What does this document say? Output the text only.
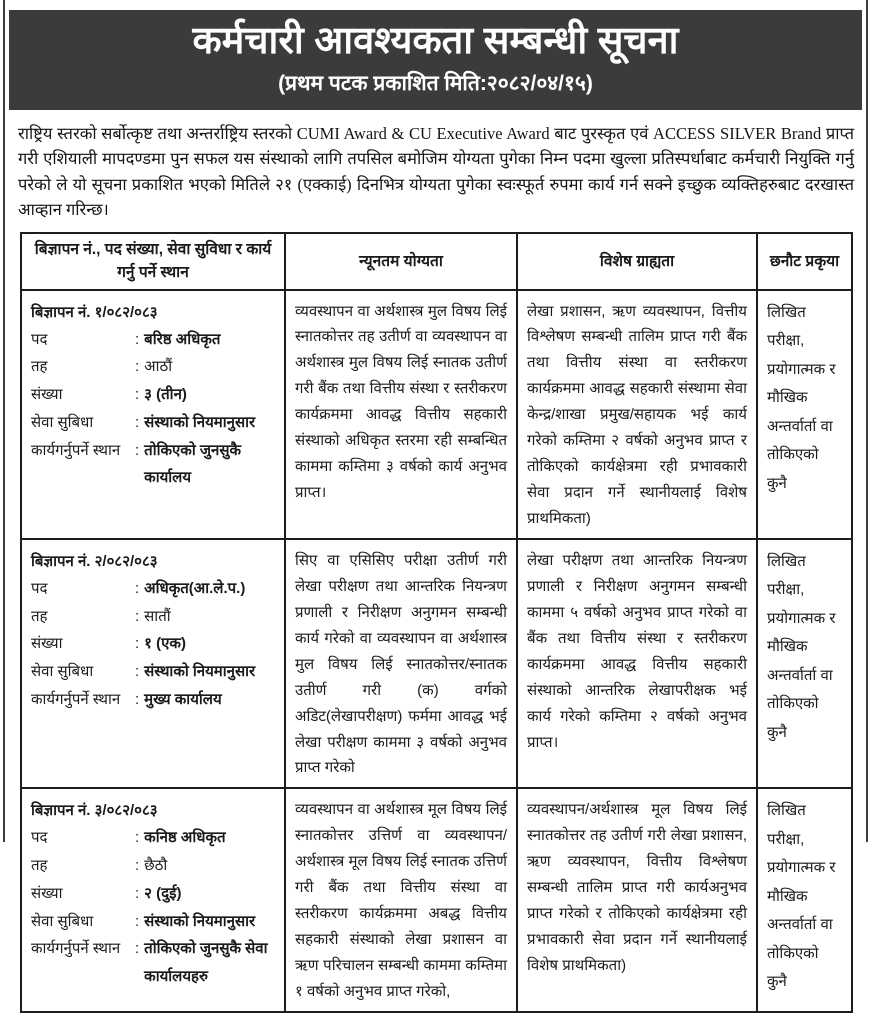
कर्मचारी आवश्यकता सम्बन्धी सूचना
(प्रथम पटक प्रकाशित मिति:२०८२/०४/१५)
राष्ट्रिय स्तरको सर्बोत्कृष्ट तथा अन्तर्राष्ट्रिय स्तरको CUMI Award & CU Executive Award बाट पुरस्कृत एवं ACCESS SILVER Brand प्राप्त गरी एशियाली मापदण्डमा पुन सफल यस संस्थाको लागि तपसिल बमोजिम योग्यता पुगेका निम्न पदमा खुल्ला प्रतिस्पर्धाबाट कर्मचारी नियुक्ति गर्नु परेको ले यो सूचना प्रकाशित भएको मितिले २१ (एक्काई) दिनभित्र योग्यता पुगेका स्वःस्फूर्त रुपमा कार्य गर्न सक्ने इच्छुक व्यक्तिहरुबाट दरखास्त आव्हान गरिन्छ।
बिज्ञापन नं., पद संख्या, सेवा सुविधा र कार्य गर्नु पर्ने स्थान	न्यूनतम योग्यता	विशेष ग्राह्यता	छनौट प्रकृया

बिज्ञापन नं. १/०८२/०८३
पद	: बरिष्ठ अधिकृत
तह	: आठौं
संख्या	: ३ (तीन)
सेवा सुबिधा	: संस्थाको नियमानुसार
कार्यगर्नुपर्ने स्थान : तोकिएको जुनसुकै कार्यालय
	व्यवस्थापन वा अर्थशास्त्र मुल विषय लिई स्नातकोत्तर तह उतीर्ण वा व्यवस्थापन वा अर्थशास्त्र मुल विषय लिई स्नातक उतीर्ण गरी बैंक तथा वित्तीय संस्था र स्तरीकरण कार्यक्रममा आवद्ध वित्तीय सहकारी संस्थाको अधिकृत स्तरमा रही सम्बन्धित काममा कम्तिमा ३ वर्षको कार्य अनुभव प्राप्त।	लेखा प्रशासन, ऋण व्यवस्थापन, वित्तीय विश्लेषण सम्बन्धी तालिम प्राप्त गरी बैंक तथा वित्तीय संस्था वा स्तरीकरण कार्यक्रममा आवद्ध सहकारी संस्थामा सेवा केन्द्र/शाखा प्रमुख/सहायक भई कार्य गरेको कम्तिमा २ वर्षको अनुभव प्राप्त र तोकिएको कार्यक्षेत्रमा रही प्रभावकारी सेवा प्रदान गर्ने स्थानीयलाई विशेष प्राथमिकता)	लिखित परीक्षा, प्रयोगात्मक र मौखिक अन्तर्वार्ता वा तोकिएको कुनै

बिज्ञापन नं. २/०८२/०८३
पद	: अधिकृत(आ.ले.प.)
तह	: सातौं
संख्या	: १ (एक)
सेवा सुबिधा	: संस्थाको नियमानुसार
कार्यगर्नुपर्ने स्थान : मुख्य कार्यालय
	सिए वा एसिसिए परीक्षा उतीर्ण गरी लेखा परीक्षण तथा आन्तरिक नियन्त्रण प्रणाली र निरीक्षण अनुगमन सम्बन्धी कार्य गरेको वा व्यवस्थापन वा अर्थशास्त्र मुल विषय लिई स्नातकोत्तर/स्नातक उतीर्ण गरी (क) वर्गको अडिट(लेखापरीक्षण) फर्ममा आवद्ध भई लेखा परीक्षण काममा ३ वर्षको अनुभव प्राप्त गरेको	लेखा परीक्षण तथा आन्तरिक नियन्त्रण प्रणाली र निरीक्षण अनुगमन सम्बन्धी काममा ५ वर्षको अनुभव प्राप्त गरेको वा बैंक तथा वित्तीय संस्था र स्तरीकरण कार्यक्रममा आवद्ध वित्तीय सहकारी संस्थाको आन्तरिक लेखापरीक्षक भई कार्य गरेको कम्तिमा २ वर्षको अनुभव प्राप्त।	लिखित परीक्षा, प्रयोगात्मक र मौखिक अन्तर्वार्ता वा तोकिएको कुनै

बिज्ञापन नं. ३/०८२/०८३
पद	: कनिष्ठ अधिकृत
तह	: छैठौ
संख्या	: २ (दुई)
सेवा सुबिधा	: संस्थाको नियमानुसार
कार्यगर्नुपर्ने स्थान : तोकिएको जुनसुकै सेवा कार्यालयहरु
	व्यवस्थापन वा अर्थशास्त्र मूल विषय लिई स्नातकोत्तर उत्तिर्ण वा व्यवस्थापन/अर्थशास्त्र मूल विषय लिई स्नातक उत्तिर्ण गरी बैंक तथा वित्तीय संस्था वा स्तरीकरण कार्यक्रममा अबद्ध वित्तीय सहकारी संस्थाको लेखा प्रशासन वा ऋण परिचालन सम्बन्धी काममा कम्तिमा १ वर्षको अनुभव प्राप्त गरेको,	व्यवस्थापन/अर्थशास्त्र मूल विषय लिई स्नातकोत्तर तह उतीर्ण गरी लेखा प्रशासन, ऋण व्यवस्थापन, वित्तीय विश्लेषण सम्बन्धी तालिम प्राप्त गरी कार्यअनुभव प्राप्त गरेको र तोकिएको कार्यक्षेत्रमा रही प्रभावकारी सेवा प्रदान गर्ने स्थानीयलाई विशेष प्राथमिकता)	लिखित परीक्षा, प्रयोगात्मक र मौखिक अन्तर्वार्ता वा तोकिएको कुनै
